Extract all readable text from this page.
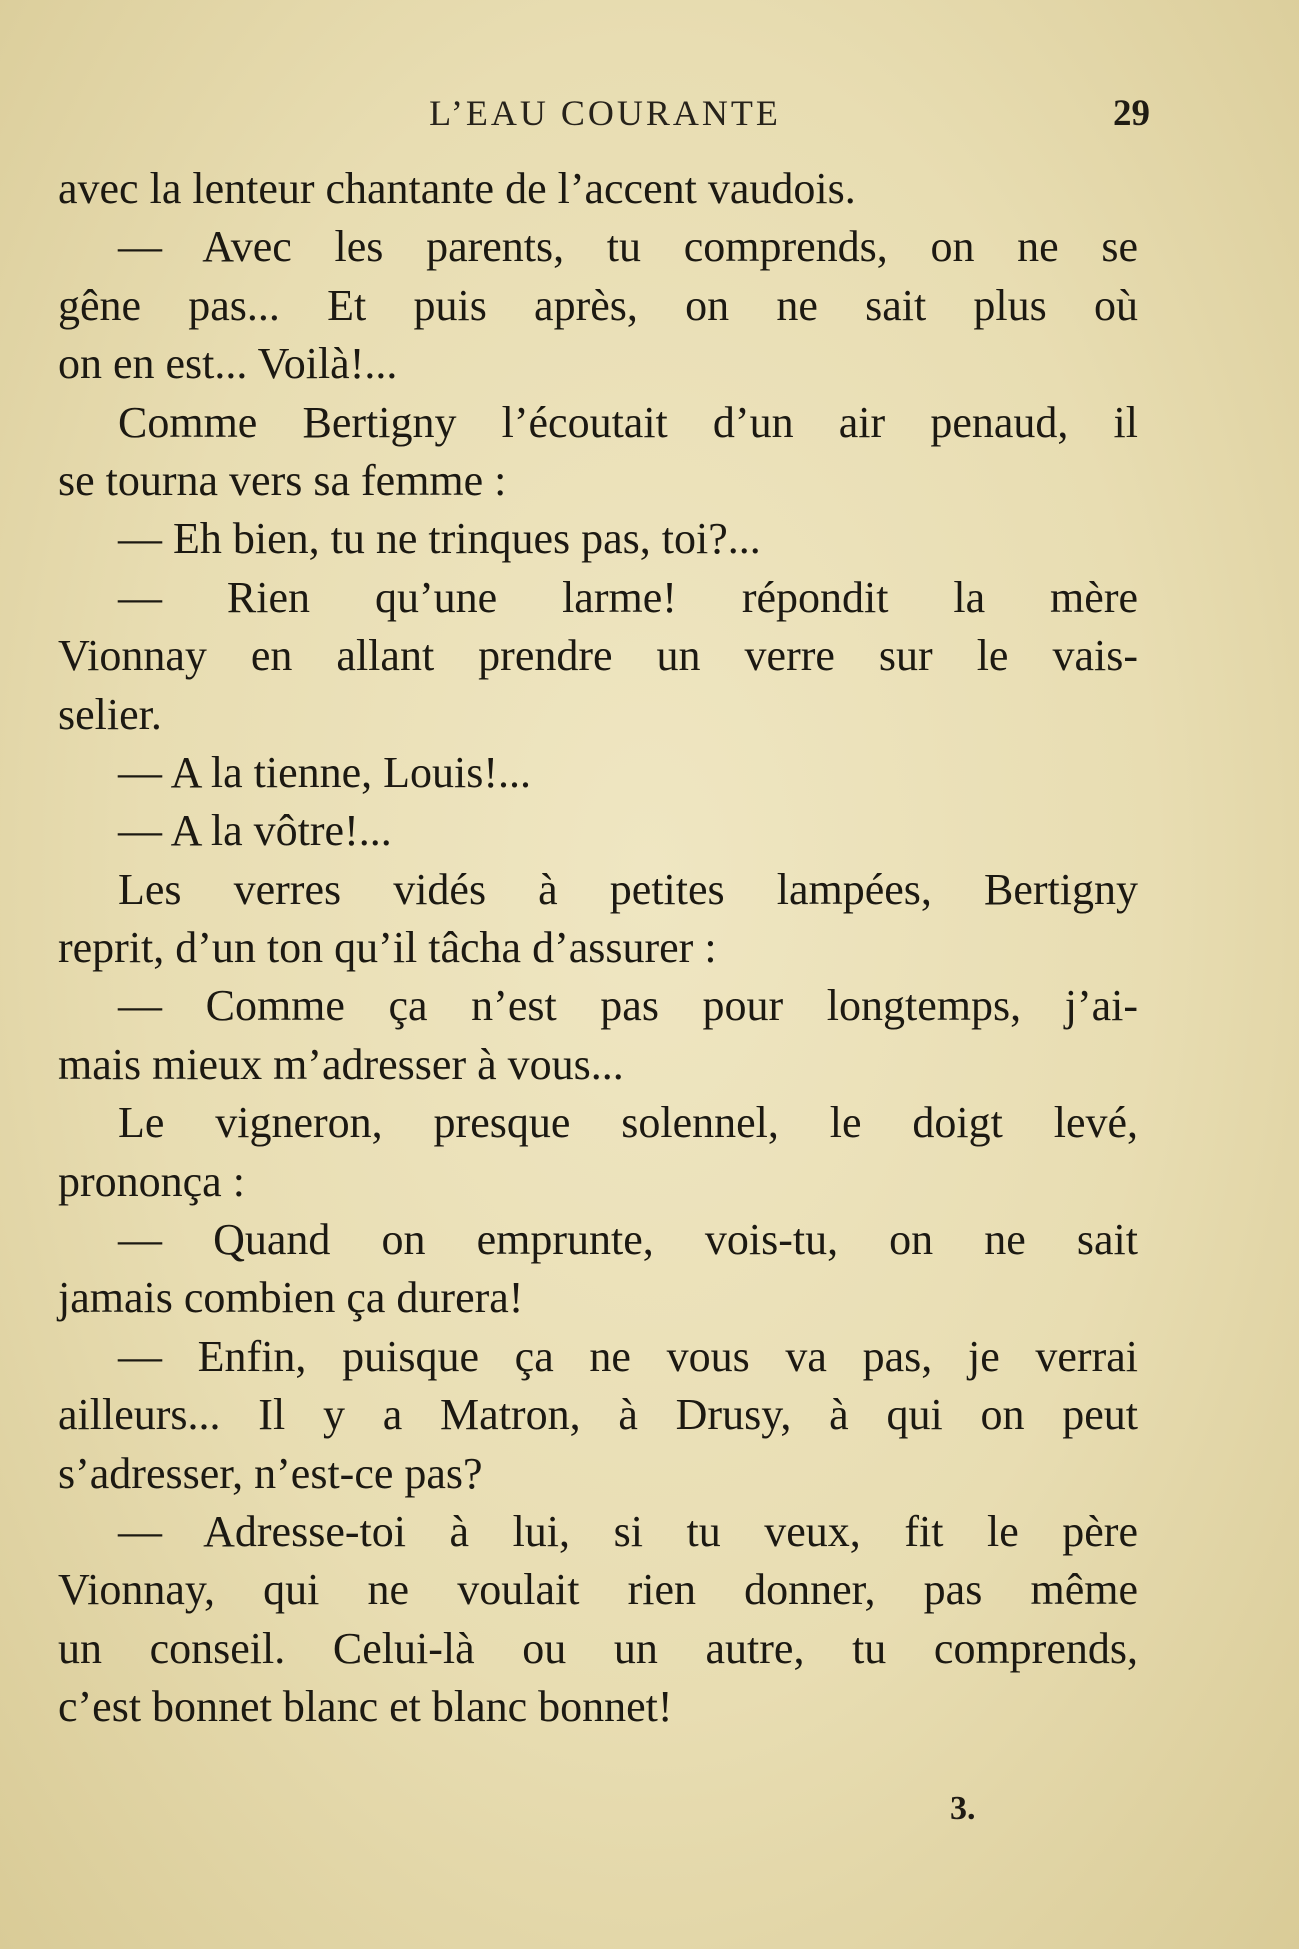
L’EAU COURANTE	29
avec la lenteur chantante de l’accent vaudois.
— Avec les parents, tu comprends, on ne se
gêne pas... Et puis après, on ne sait plus où
on en est... Voilà!...
Comme Bertigny l’écoutait d’un air penaud, il
se tourna vers sa femme :
— Eh bien, tu ne trinques pas, toi?...
— Rien qu’une larme! répondit la mère
Vionnay en allant prendre un verre sur le vais-
selier.
— A la tienne, Louis!...
— A la vôtre!...
Les verres vidés à petites lampées, Bertigny
reprit, d’un ton qu’il tâcha d’assurer :
— Comme ça n’est pas pour longtemps, j’ai-
mais mieux m’adresser à vous...
Le vigneron, presque solennel, le doigt levé,
prononça :
— Quand on emprunte, vois-tu, on ne sait
jamais combien ça durera!
— Enfin, puisque ça ne vous va pas, je verrai
ailleurs... Il y a Matron, à Drusy, à qui on peut
s’adresser, n’est-ce pas?
— Adresse-toi à lui, si tu veux, fit le père
Vionnay, qui ne voulait rien donner, pas même
un conseil. Celui-là ou un autre, tu comprends,
c’est bonnet blanc et blanc bonnet!
3.
